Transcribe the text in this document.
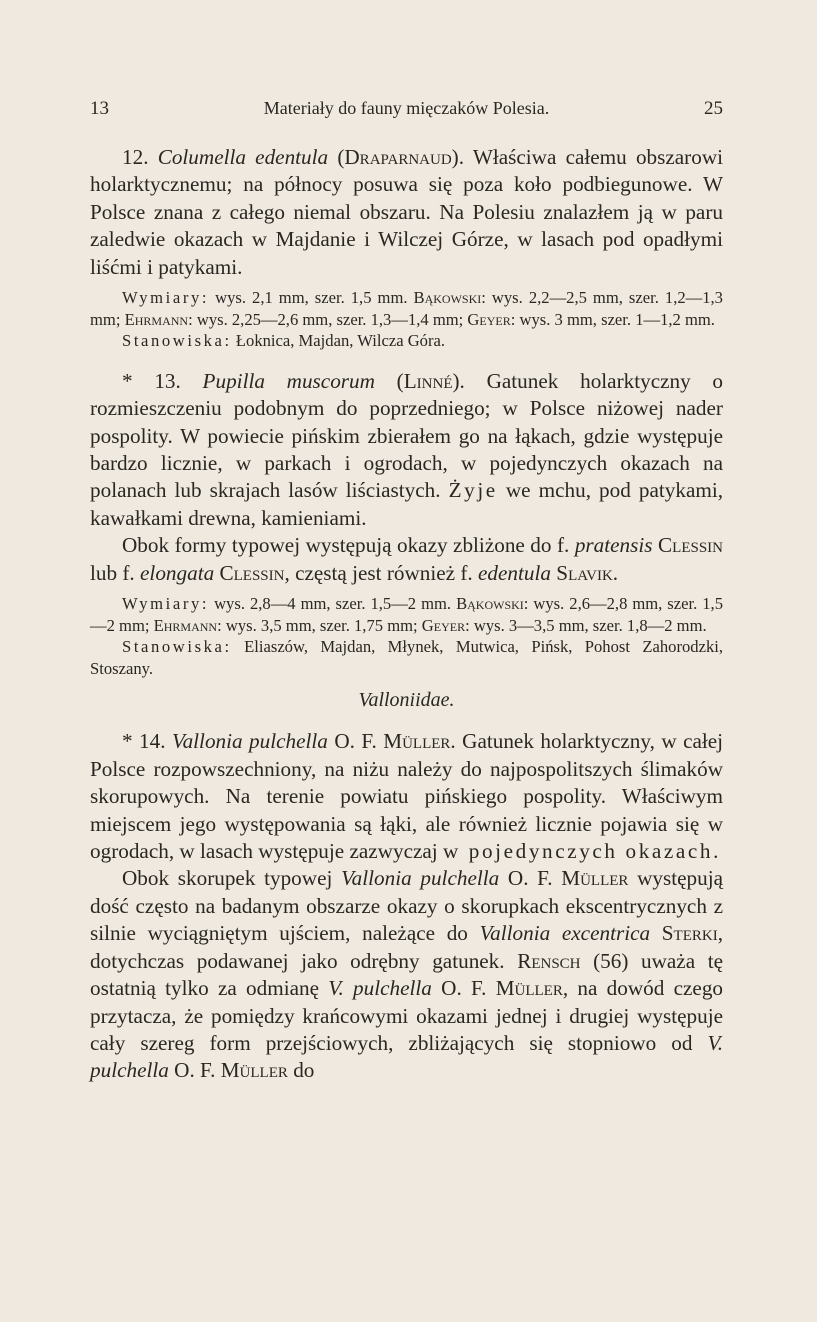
13	Materiały do fauny mięczaków Polesia.	25

12. Columella edentula (Draparnaud). Właściwa całemu obszarowi holarktycznemu; na północy posuwa się poza koło podbiegunowe. W Polsce znana z całego niemal obszaru. Na Polesiu znalazłem ją w paru zaledwie okazach w Majdanie i Wilczej Górze, w lasach pod opadłymi liśćmi i patykami.

Wymiary: wys. 2,1 mm, szer. 1,5 mm. Bąkowski: wys. 2,2—2,5 mm, szer. 1,2—1,3 mm; Ehrmann: wys. 2,25—2,6 mm, szer. 1,3—1,4 mm; Geyer: wys. 3 mm, szer. 1—1,2 mm.

Stanowiska: Łoknica, Majdan, Wilcza Góra.

* 13. Pupilla muscorum (Linné). Gatunek holarktyczny o rozmieszczeniu podobnym do poprzedniego; w Polsce niżowej nader pospolity. W powiecie pińskim zbierałem go na łąkach, gdzie występuje bardzo licznie, w parkach i ogrodach, w pojedynczych okazach na polanach lub skrajach lasów liściastych. Żyje we mchu, pod patykami, kawałkami drewna, kamieniami.

Obok formy typowej występują okazy zbliżone do f. pratensis Clessin lub f. elongata Clessin, częstą jest również f. edentula Slavik.

Wymiary: wys. 2,8—4 mm, szer. 1,5—2 mm. Bąkowski: wys. 2,6—2,8 mm, szer. 1,5—2 mm; Ehrmann: wys. 3,5 mm, szer. 1,75 mm; Geyer: wys. 3—3,5 mm, szer. 1,8—2 mm.

Stanowiska: Eliaszów, Majdan, Młynek, Mutwica, Pińsk, Pohost Zahorodzki, Stoszany.

Valloniidae.

* 14. Vallonia pulchella O. F. Müller. Gatunek holarktyczny, w całej Polsce rozpowszechniony, na niżu należy do najpospolitszych ślimaków skorupowych. Na terenie powiatu pińskiego pospolity. Właściwym miejscem jego występowania są łąki, ale również licznie pojawia się w ogrodach, w lasach występuje zazwyczaj w pojedynczych okazach.

Obok skorupek typowej Vallonia pulchella O. F. Müller występują dość często na badanym obszarze okazy o skorupkach ekscentrycznych z silnie wyciągniętym ujściem, należące do Vallonia excentrica Sterki, dotychczas podawanej jako odrębny gatunek. Rensch (56) uważa tę ostatnią tylko za odmianę V. pulchella O. F. Müller, na dowód czego przytacza, że pomiędzy krańcowymi okazami jednej i drugiej występuje cały szereg form przejściowych, zbliżających się stopniowo od V. pulchella O. F. Müller do
